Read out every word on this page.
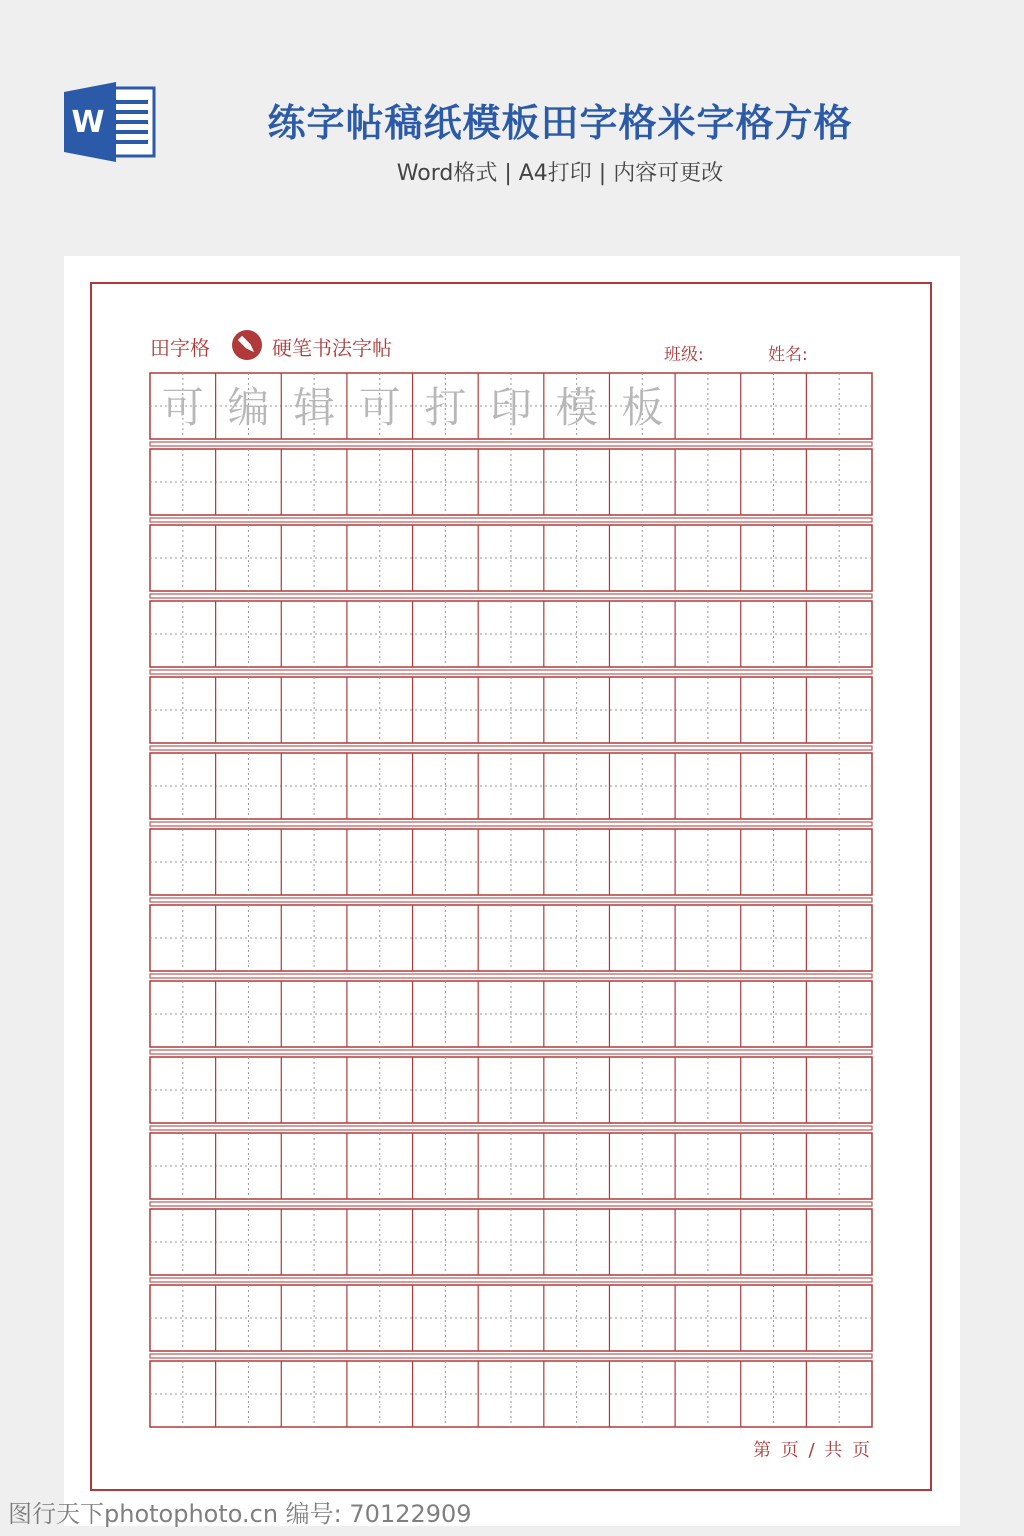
W	练字帖稿纸模板田字格米字格方格
Word格式 | A4打印 | 内容可更改
田字格	硬笔书法字帖	班级:	姓名:
可 编 辑 可 打 印 模 板
第 页 / 共 页
图行天下photophoto.cn 编号: 70122909
